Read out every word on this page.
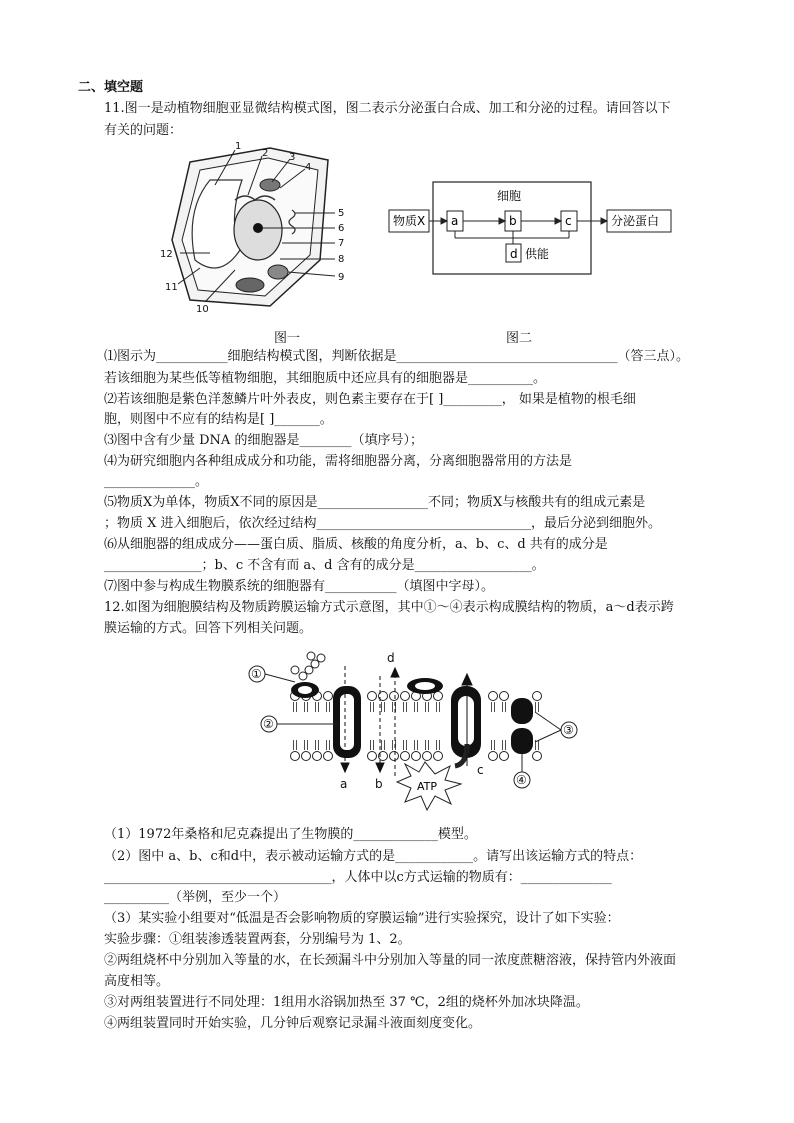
二、填空题
11.图一是动植物细胞亚显微结构模式图，图二表示分泌蛋白合成、加工和分泌的过程。请回答以下
有关的问题：
1
2 3
4
5
6
7
8
9
10
11
12
图一
细胞
物质X a	b	c	分泌蛋白
d 供能
图二
⑴图示为___________细胞结构模式图，判断依据是__________________________________（答三点）。
若该细胞为某些低等植物细胞，其细胞质中还应具有的细胞器是__________。
⑵若该细胞是紫色洋葱鳞片叶外表皮，则色素主要存在于[ ]_________， 如果是植物的根毛细
胞，则图中不应有的结构是[ ]_______。
⑶图中含有少量 DNA 的细胞器是________（填序号）；
⑷为研究细胞内各种组成成分和功能，需将细胞器分离，分离细胞器常用的方法是
______________。
⑸物质X为单体，物质X不同的原因是_________________不同；物质X与核酸共有的组成元素是
；物质 X 进入细胞后，依次经过结构_________________________________，最后分泌到细胞外。
⑹从细胞器的组成成分——蛋白质、脂质、核酸的角度分析，a、b、c、d 共有的成分是
_______________；b、c 不含有而 a、d 含有的成分是__________________。
⑺图中参与构成生物膜系统的细胞器有___________（填图中字母）。
12.如图为细胞膜结构及物质跨膜运输方式示意图，其中①～④表示构成膜结构的物质，a～d表示跨
膜运输的方式。回答下列相关问题。
ATP
①
②	③
④
a b
c
d
（1）1972年桑格和尼克森提出了生物膜的_____________模型。
（2）图中 a、b、c和d中，表示被动运输方式的是____________。请写出该运输方式的特点：
___________________________________，人体中以c方式运输的物质有：______________
__________（举例，至少一个）
（3）某实验小组要对“低温是否会影响物质的穿膜运输”进行实验探究，设计了如下实验：
实验步骤：①组装渗透装置两套，分别编号为 1、2。
②两组烧杯中分别加入等量的水，在长颈漏斗中分别加入等量的同一浓度蔗糖溶液，保持管内外液面
高度相等。
③对两组装置进行不同处理：1组用水浴锅加热至 37 ℃，2组的烧杯外加冰块降温。
④两组装置同时开始实验，几分钟后观察记录漏斗液面刻度变化。
